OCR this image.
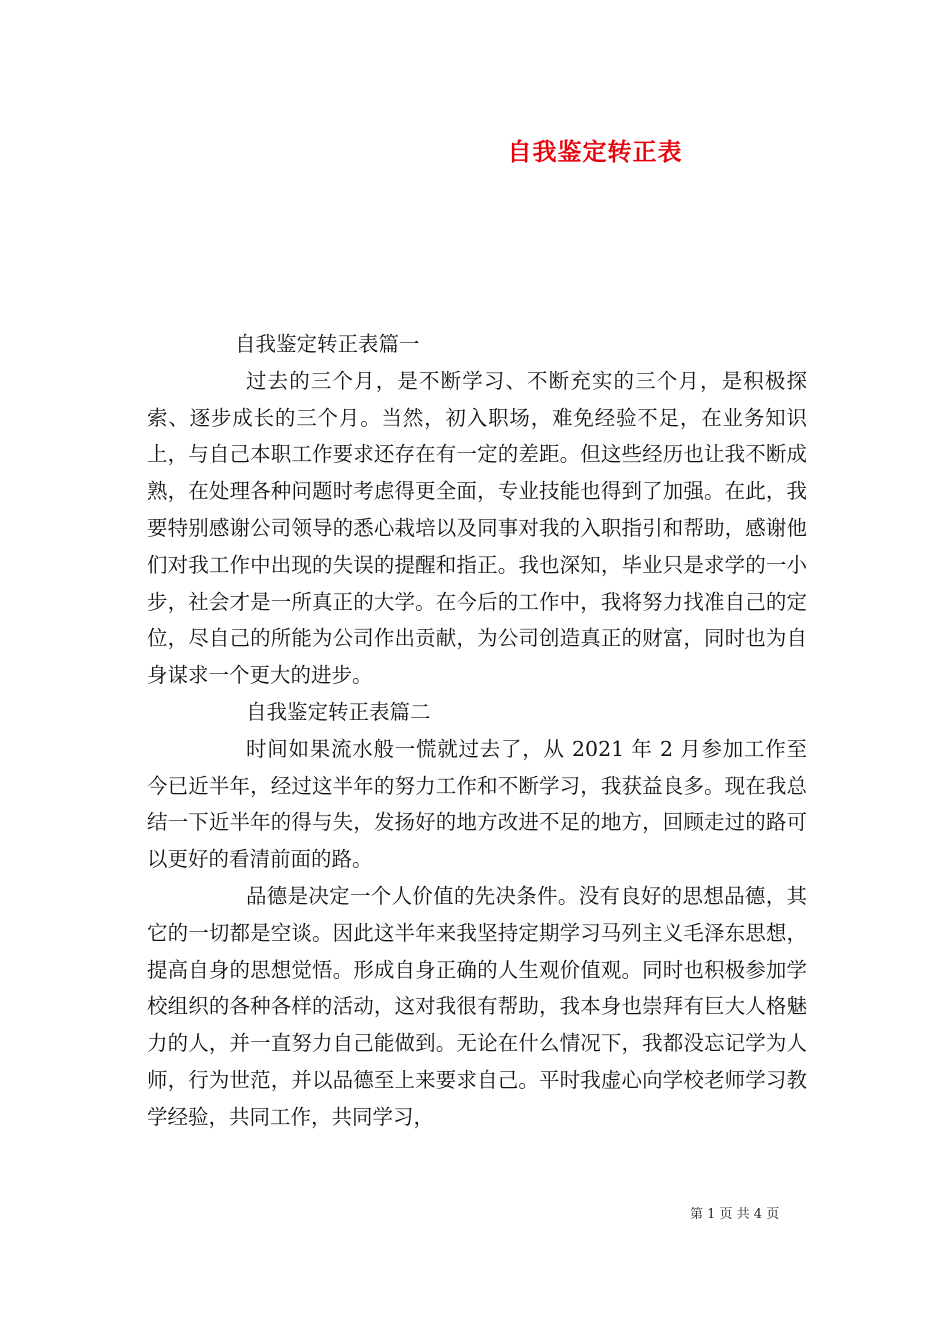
自我鉴定转正表

自我鉴定转正表篇一

过去的三个月，是不断学习、不断充实的三个月，是积极探索、逐步成长的三个月。当然，初入职场，难免经验不足，在业务知识上，与自己本职工作要求还存在有一定的差距。但这些经历也让我不断成熟，在处理各种问题时考虑得更全面，专业技能也得到了加强。在此，我要特别感谢公司领导的悉心栽培以及同事对我的入职指引和帮助，感谢他们对我工作中出现的失误的提醒和指正。我也深知，毕业只是求学的一小步，社会才是一所真正的大学。在今后的工作中，我将努力找准自己的定位，尽自己的所能为公司作出贡献，为公司创造真正的财富，同时也为自身谋求一个更大的进步。

自我鉴定转正表篇二

时间如果流水般一慌就过去了，从 2021 年 2 月参加工作至今已近半年，经过这半年的努力工作和不断学习，我获益良多。现在我总结一下近半年的得与失，发扬好的地方改进不足的地方，回顾走过的路可以更好的看清前面的路。

品德是决定一个人价值的先决条件。没有良好的思想品德，其它的一切都是空谈。因此这半年来我坚持定期学习马列主义毛泽东思想，提高自身的思想觉悟。形成自身正确的人生观价值观。同时也积极参加学校组织的各种各样的活动，这对我很有帮助，我本身也崇拜有巨大人格魅力的人，并一直努力自己能做到。无论在什么情况下，我都没忘记学为人师，行为世范，并以品德至上来要求自己。平时我虚心向学校老师学习教学经验，共同工作，共同学习，

第 1 页 共 4 页
